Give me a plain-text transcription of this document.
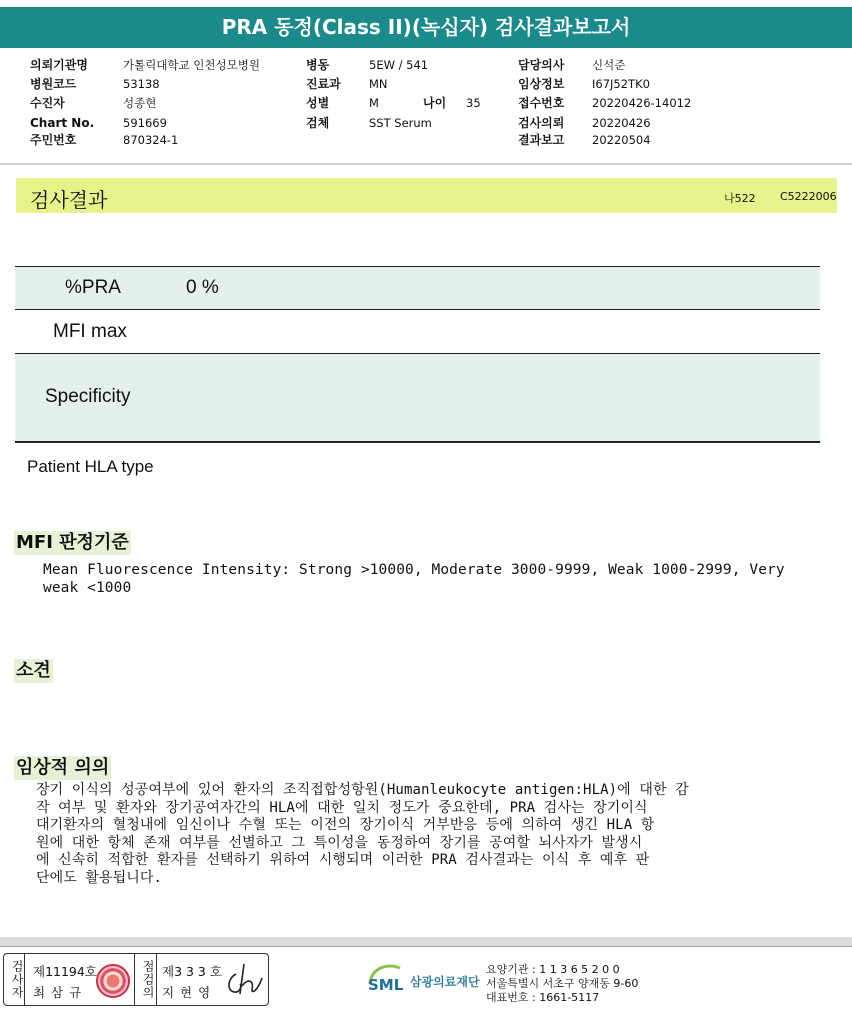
PRA 동정(Class II)(녹십자) 검사결과보고서
의뢰기관명	가톨릭대학교 인천성모병원
병원코드	53138
수진자	성종현
Chart No.	591669
주민번호	870324-1
병동	5EW / 541
진료과	MN
성별	M	나이	35
검체	SST Serum
담당의사	신석준
임상정보	I67J52TK0
접수번호	20220426-14012
검사의뢰	20220426
결과보고	20220504
검사결과	나522 C5222006
%PRA	0 %
MFI max
Specificity
Patient HLA type
MFI 판정기준
Mean Fluorescence Intensity: Strong >10000, Moderate 3000-9999, Weak 1000-2999, Very
weak <1000
소견
임상적 의의
장기 이식의 성공여부에 있어 환자의 조직접합성항원(Humanleukocyte antigen:HLA)에 대한 감
작 여부 및 환자와 장기공여자간의 HLA에 대한 일치 정도가 중요한데, PRA 검사는 장기이식
대기환자의 혈청내에 임신이나 수혈 또는 이전의 장기이식 거부반응 등에 의하여 생긴 HLA 항
원에 대한 항체 존재 여부를 선별하고 그 특이성을 동정하여 장기를 공여할 뇌사자가 발생시
에 신속히 적합한 환자를 선택하기 위하여 시행되며 이러한 PRA 검사결과는 이식 후 예후 판
단에도 활용됩니다.
검사자 제11194호
최 삼 규	점검의 제3 3 3 호
지 현 영	SML 삼광의료재단
요양기관 : 1 1 3 6 5 2 0 0
서울특별시 서초구 양재동 9-60
대표번호 : 1661-5117
